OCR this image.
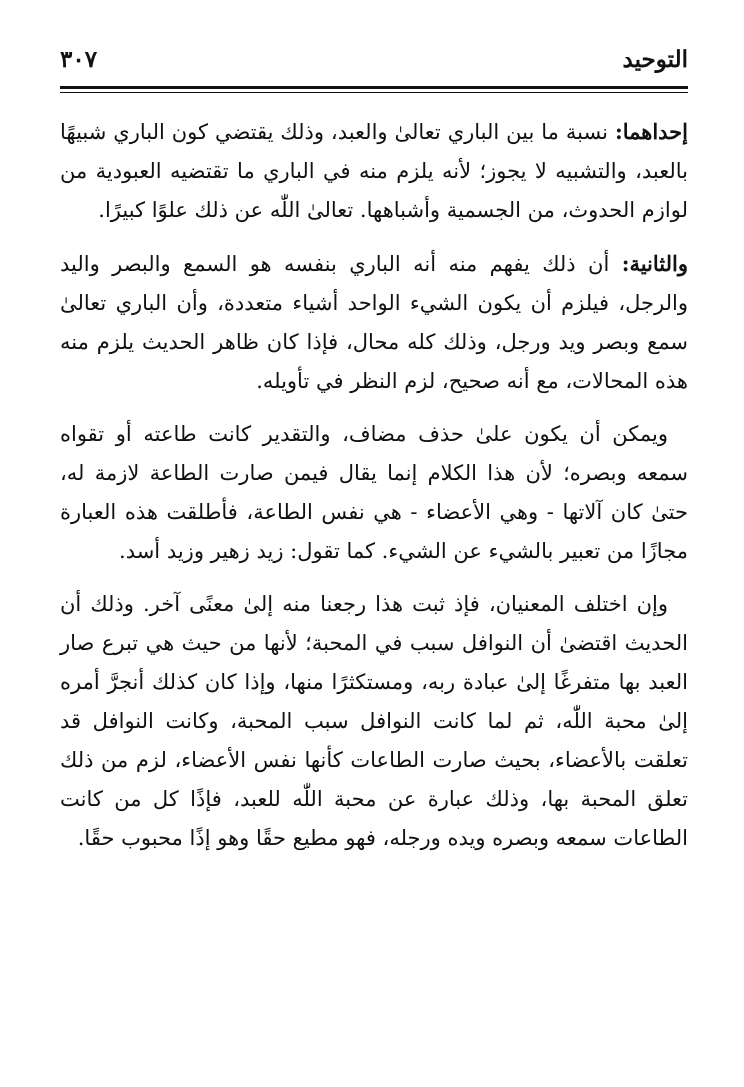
التوحيد
٣٠٧

إحداهما: نسبة ما بين الباري تعالىٰ والعبد، وذلك يقتضي كون الباري شبيهًا بالعبد، والتشبيه لا يجوز؛ لأنه يلزم منه في الباري ما تقتضيه العبودية من لوازم الحدوث، من الجسمية وأشباهها. تعالىٰ اللّٰه عن ذلك علوًا كبيرًا.

والثانية: أن ذلك يفهم منه أنه الباري بنفسه هو السمع والبصر واليد والرجل، فيلزم أن يكون الشيء الواحد أشياء متعددة، وأن الباري تعالىٰ سمع وبصر ويد ورجل، وذلك كله محال، فإذا كان ظاهر الحديث يلزم منه هذه المحالات، مع أنه صحيح، لزم النظر في تأويله.

ويمكن أن يكون علىٰ حذف مضاف، والتقدير كانت طاعته أو تقواه سمعه وبصره؛ لأن هذا الكلام إنما يقال فيمن صارت الطاعة لازمة له، حتىٰ كان آلاتها - وهي الأعضاء - هي نفس الطاعة، فأطلقت هذه العبارة مجازًا من تعبير بالشيء عن الشيء. كما تقول: زيد زهير وزيد أسد.

وإن اختلف المعنيان، فإذ ثبت هذا رجعنا منه إلىٰ معنًى آخر. وذلك أن الحديث اقتضىٰ أن النوافل سبب في المحبة؛ لأنها من حيث هي تبرع صار العبد بها متفرغًا إلىٰ عبادة ربه، ومستكثرًا منها، وإذا كان كذلك أنجرَّ أمره إلىٰ محبة اللّٰه، ثم لما كانت النوافل سبب المحبة، وكانت النوافل قد تعلقت بالأعضاء، بحيث صارت الطاعات كأنها نفس الأعضاء، لزم من ذلك تعلق المحبة بها، وذلك عبارة عن محبة اللّٰه للعبد، فإذًا كل من كانت الطاعات سمعه وبصره ويده ورجله، فهو مطيع حقًا وهو إذًا محبوب حقًا.
